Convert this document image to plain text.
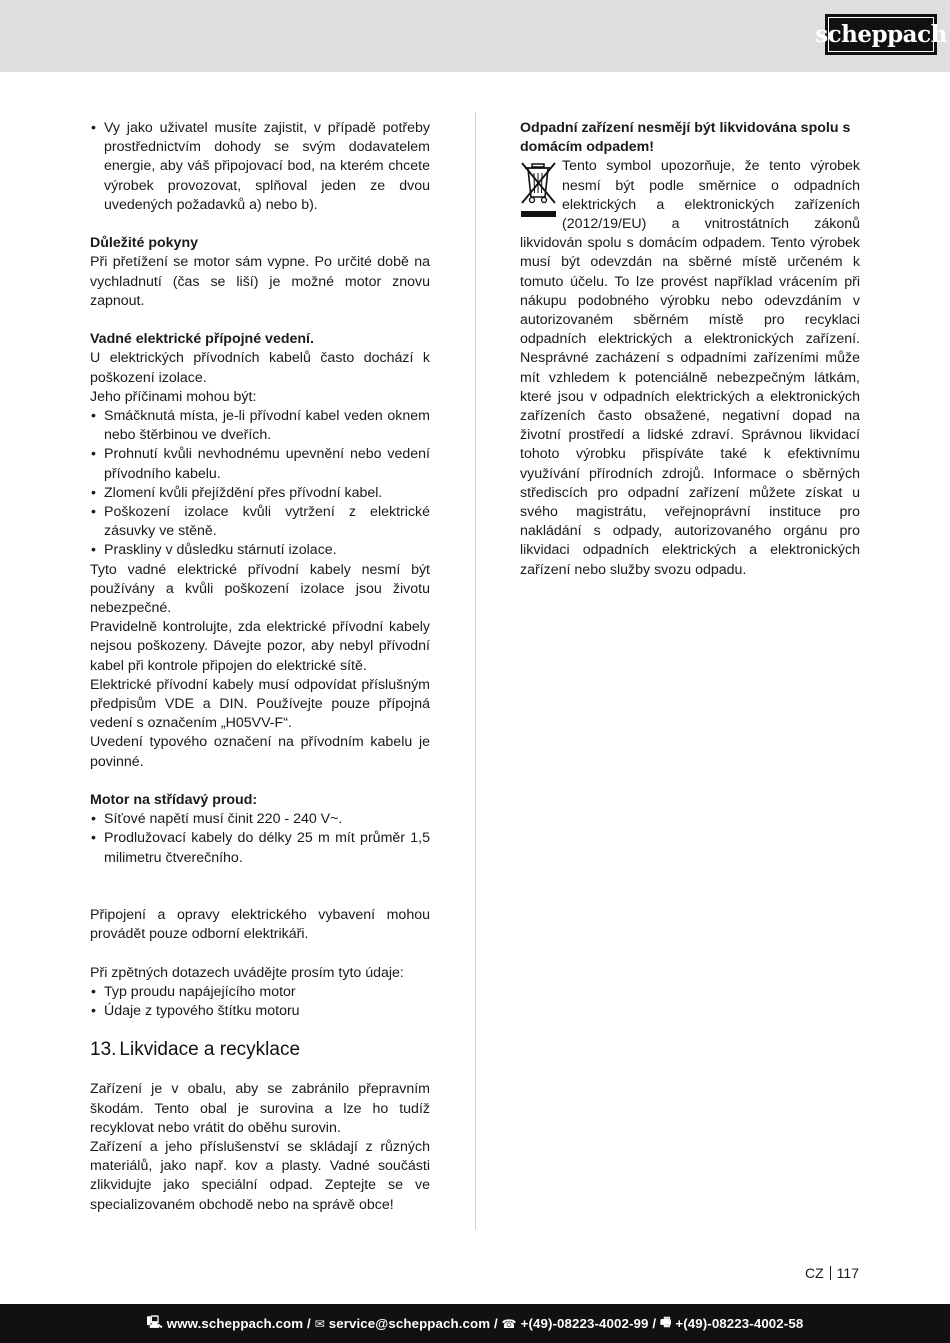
scheppach
• Vy jako uživatel musíte zajistit, v případě potřeby prostřednictvím dohody se svým dodavatelem energie, aby váš připojovací bod, na kterém chcete výrobek provozovat, splňoval jeden ze dvou uvedených požadavků a) nebo b).

Důležité pokyny

Při přetížení se motor sám vypne. Po určité době na vychladnutí (čas se liší) je možné motor znovu zapnout.

Vadné elektrické přípojné vedení.

U elektrických přívodních kabelů často dochází k poškození izolace.

Jeho příčinami mohou být:

• Smáčknutá místa, je-li přívodní kabel veden oknem nebo štěrbinou ve dveřích.
• Prohnutí kvůli nevhodnému upevnění nebo vedení přívodního kabelu.
• Zlomení kvůli přejíždění přes přívodní kabel.
• Poškození izolace kvůli vytržení z elektrické zásuvky ve stěně.
• Praskliny v důsledku stárnutí izolace.

Tyto vadné elektrické přívodní kabely nesmí být používány a kvůli poškození izolace jsou životu nebezpečné.

Pravidelně kontrolujte, zda elektrické přívodní kabely nejsou poškozeny. Dávejte pozor, aby nebyl přívodní kabel při kontrole připojen do elektrické sítě.

Elektrické přívodní kabely musí odpovídat příslušným předpisům VDE a DIN. Používejte pouze přípojná vedení s označením „H05VV-F“.

Uvedení typového označení na přívodním kabelu je povinné.

Motor na střídavý proud:

• Síťové napětí musí činit 220 - 240 V~.
• Prodlužovací kabely do délky 25 m mít průměr 1,5 milimetru čtverečního.

Připojení a opravy elektrického vybavení mohou provádět pouze odborní elektrikáři.

Při zpětných dotazech uvádějte prosím tyto údaje:

• Typ proudu napájejícího motor
• Údaje z typového štítku motoru
13. Likvidace a recyklace

Zařízení je v obalu, aby se zabránilo přepravním škodám. Tento obal je surovina a lze ho tudíž recyklovat nebo vrátit do oběhu surovin.

Zařízení a jeho příslušenství se skládají z různých materiálů, jako např. kov a plasty. Vadné součásti zlikvidujte jako speciální odpad. Zeptejte se ve specializovaném obchodě nebo na správě obce!

Odpadní zařízení nesmějí být likvidována spolu s domácím odpadem!

Tento symbol upozorňuje, že tento výrobek nesmí být podle směrnice o odpadních elektrických a elektronických zařízeních (2012/19/EU) a vnitrostátních zákonů likvidován spolu s domácím odpadem. Tento výrobek musí být odevzdán na sběrné místě určeném k tomuto účelu. To lze provést například vrácením při nákupu podobného výrobku nebo odevzdáním v autorizovaném sběrném místě pro recyklaci odpadních elektrických a elektronických zařízení. Nesprávné zacházení s odpadními zařízeními může mít vzhledem k potenciálně nebezpečným látkám, které jsou v odpadních elektrických a elektronických zařízeních často obsažené, negativní dopad na životní prostředí a lidské zdraví. Správnou likvidací tohoto výrobku přispíváte také k efektivnímu využívání přírodních zdrojů. Informace o sběrných střediscích pro odpadní zařízení můžete získat u svého magistrátu, veřejnoprávní instituce pro nakládání s odpady, autorizovaného orgánu pro likvidaci odpadních elektrických a elektronických zařízení nebo služby svozu odpadu.

CZ 117
🖳 www.scheppach.com /
✉ service@scheppach.com /
☎ +(49)-08223-4002-99 /
🖷 +(49)-08223-4002-58
